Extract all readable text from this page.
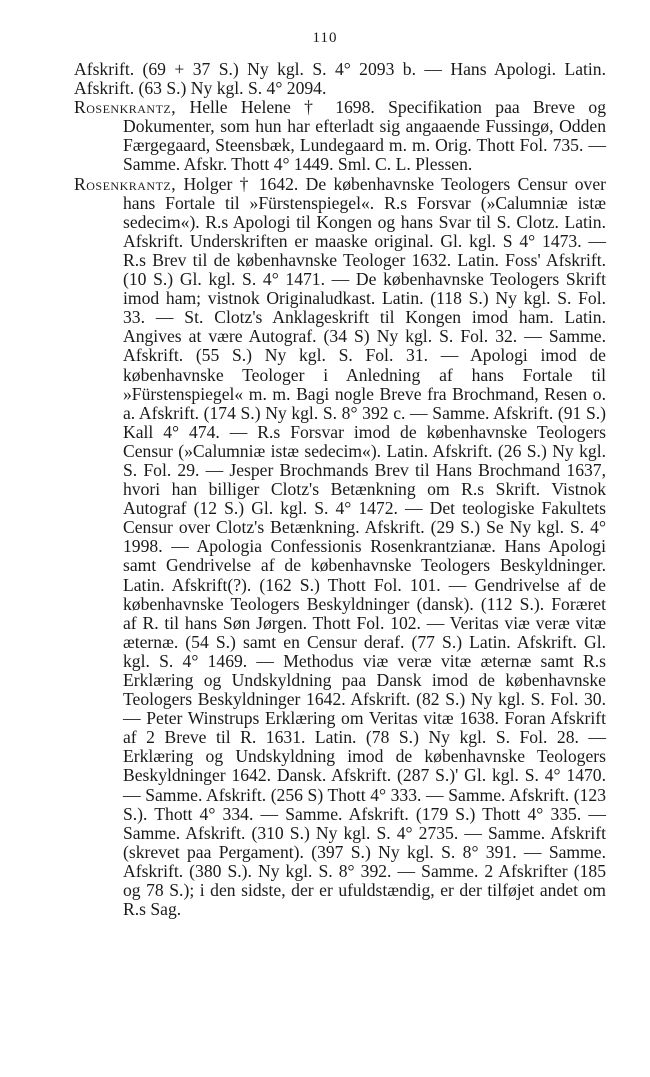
110

Afskrift. (69 + 37 S.) Ny kgl. S. 4° 2093 b. — Hans Apologi. Latin. Afskrift. (63 S.) Ny kgl. S. 4° 2094.

Rosenkrantz, Helle Helene † 1698. Specifikation paa Breve og Dokumenter, som hun har efterladt sig angaaende Fussingø, Odden Færgegaard, Steensbæk, Lundegaard m. m. Orig. Thott Fol. 735. — Samme. Afskr. Thott 4° 1449. Sml. C. L. Plessen.

Rosenkrantz, Holger † 1642. De københavnske Teologers Censur over hans Fortale til »Fürstenspiegel«. R.s Forsvar (»Calumniæ istæ sedecim«). R.s Apologi til Kongen og hans Svar til S. Clotz. Latin. Afskrift. Underskriften er maaske original. Gl. kgl. S 4° 1473. — R.s Brev til de københavnske Teologer 1632. Latin. Foss' Afskrift. (10 S.) Gl. kgl. S. 4° 1471. — De københavnske Teologers Skrift imod ham; vistnok Originaludkast. Latin. (118 S.) Ny kgl. S. Fol. 33. — St. Clotz's Anklageskrift til Kongen imod ham. Latin. Angives at være Autograf. (34 S) Ny kgl. S. Fol. 32. — Samme. Afskrift. (55 S.) Ny kgl. S. Fol. 31. — Apologi imod de københavnske Teologer i Anledning af hans Fortale til »Fürstenspiegel« m. m. Bagi nogle Breve fra Brochmand, Resen o. a. Afskrift. (174 S.) Ny kgl. S. 8° 392 c. — Samme. Afskrift. (91 S.) Kall 4° 474. — R.s Forsvar imod de københavnske Teologers Censur (»Calumniæ istæ sedecim«). Latin. Afskrift. (26 S.) Ny kgl. S. Fol. 29. — Jesper Brochmands Brev til Hans Brochmand 1637, hvori han billiger Clotz's Betænkning om R.s Skrift. Vistnok Autograf (12 S.) Gl. kgl. S. 4° 1472. — Det teologiske Fakultets Censur over Clotz's Betænkning. Afskrift. (29 S.) Se Ny kgl. S. 4° 1998. — Apologia Confessionis Rosenkrantzianæ. Hans Apologi samt Gendrivelse af de københavnske Teologers Beskyldninger. Latin. Afskrift(?). (162 S.) Thott Fol. 101. — Gendrivelse af de københavnske Teologers Beskyldninger (dansk). (112 S.). Foræret af R. til hans Søn Jørgen. Thott Fol. 102. — Veritas viæ veræ vitæ æternæ. (54 S.) samt en Censur deraf. (77 S.) Latin. Afskrift. Gl. kgl. S. 4° 1469. — Methodus viæ veræ vitæ æternæ samt R.s Erklæring og Undskyldning paa Dansk imod de københavnske Teologers Beskyldninger 1642. Afskrift. (82 S.) Ny kgl. S. Fol. 30. — Peter Winstrups Erklæring om Veritas vitæ 1638. Foran Afskrift af 2 Breve til R. 1631. Latin. (78 S.) Ny kgl. S. Fol. 28. — Erklæring og Undskyldning imod de københavnske Teologers Beskyldninger 1642. Dansk. Afskrift. (287 S.)' Gl. kgl. S. 4° 1470. — Samme. Afskrift. (256 S) Thott 4° 333. — Samme. Afskrift. (123 S.). Thott 4° 334. — Samme. Afskrift. (179 S.) Thott 4° 335. — Samme. Afskrift. (310 S.) Ny kgl. S. 4° 2735. — Samme. Afskrift (skrevet paa Pergament). (397 S.) Ny kgl. S. 8° 391. — Samme. Afskrift. (380 S.). Ny kgl. S. 8° 392. — Samme. 2 Afskrifter (185 og 78 S.); i den sidste, der er ufuldstændig, er der tilføjet andet om R.s Sag.
